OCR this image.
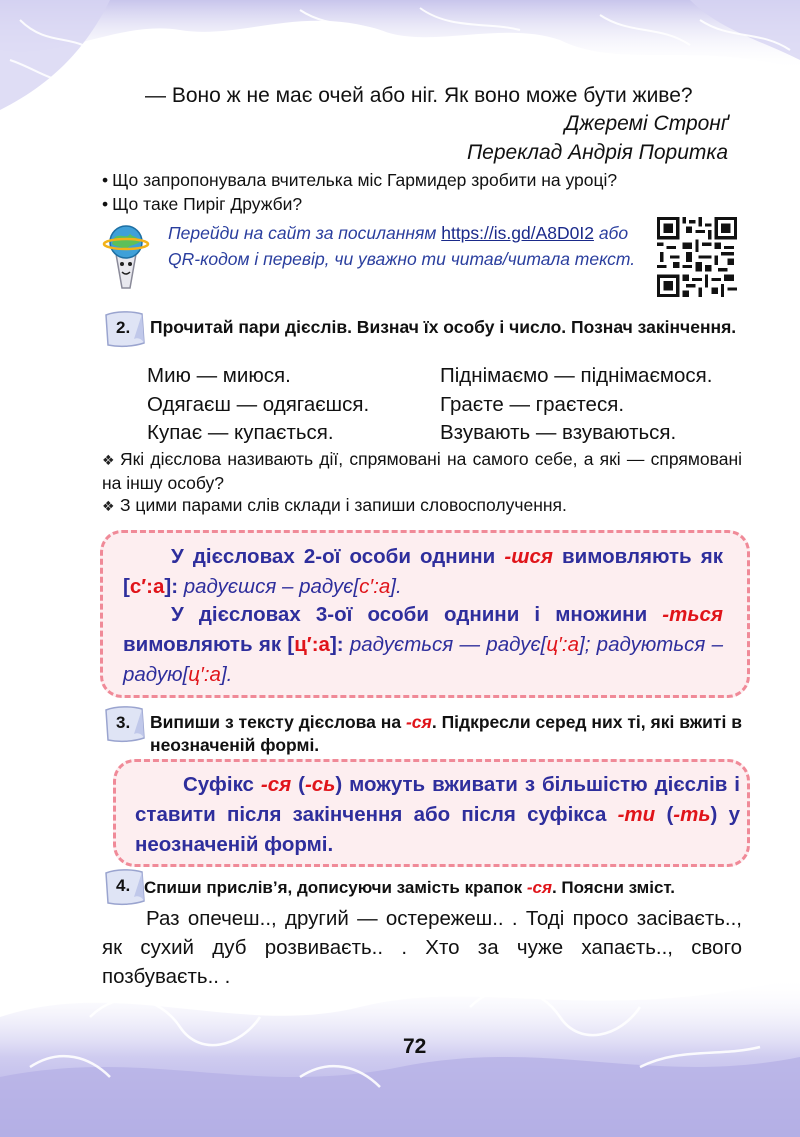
— Воно ж не має очей або ніг. Як воно може бути живе?
Джеремі Стронґ
Переклад Андрія Поритка
• Що запропонувала вчителька міс Гармидер зробити на уроці?
• Що таке Пиріг Дружби?
Перейди на сайт за посиланням https://is.gd/A8D0I2 або QR-кодом і перевір, чи уважно ти читав/читала текст.
2. Прочитай пари дієслів. Визнач їх особу і число. Познач закінчення.
Мию — миюся.
Одягаєш — одягаєшся.
Купає — купається.
Піднімаємо — піднімаємося.
Граєте — граєтеся.
Взувають — взуваються.
❖ Які дієслова називають дії, спрямовані на самого себе, а які — спрямовані на іншу особу?
❖ З цими парами слів склади і запиши словосполучення.
У дієсловах 2-ої особи однини -шся вимовляють як [с′:а]: радуєшся – радує[с′:а].
У дієсловах 3-ої особи однини і множини -ться вимовляють як [ц′:а]: радується — радує[ц′:а]; радуються – радую[ц′:а].
3. Випиши з тексту дієслова на -ся. Підкресли серед них ті, які вжиті в неозначеній формі.
Суфікс -ся (-сь) можуть вживати з більшістю дієслів і ставити після закінчення або після суфікса -ти (-ть) у неозначеній формі.
4. Спиши прислів’я, дописуючи замість крапок -ся. Поясни зміст.
Раз опечеш.., другий — остережеш.. . Тоді просо засіваєть.., як сухий дуб розвиваєть.. . Хто за чуже хапаєть.., свого позбуваєть.. .
72
